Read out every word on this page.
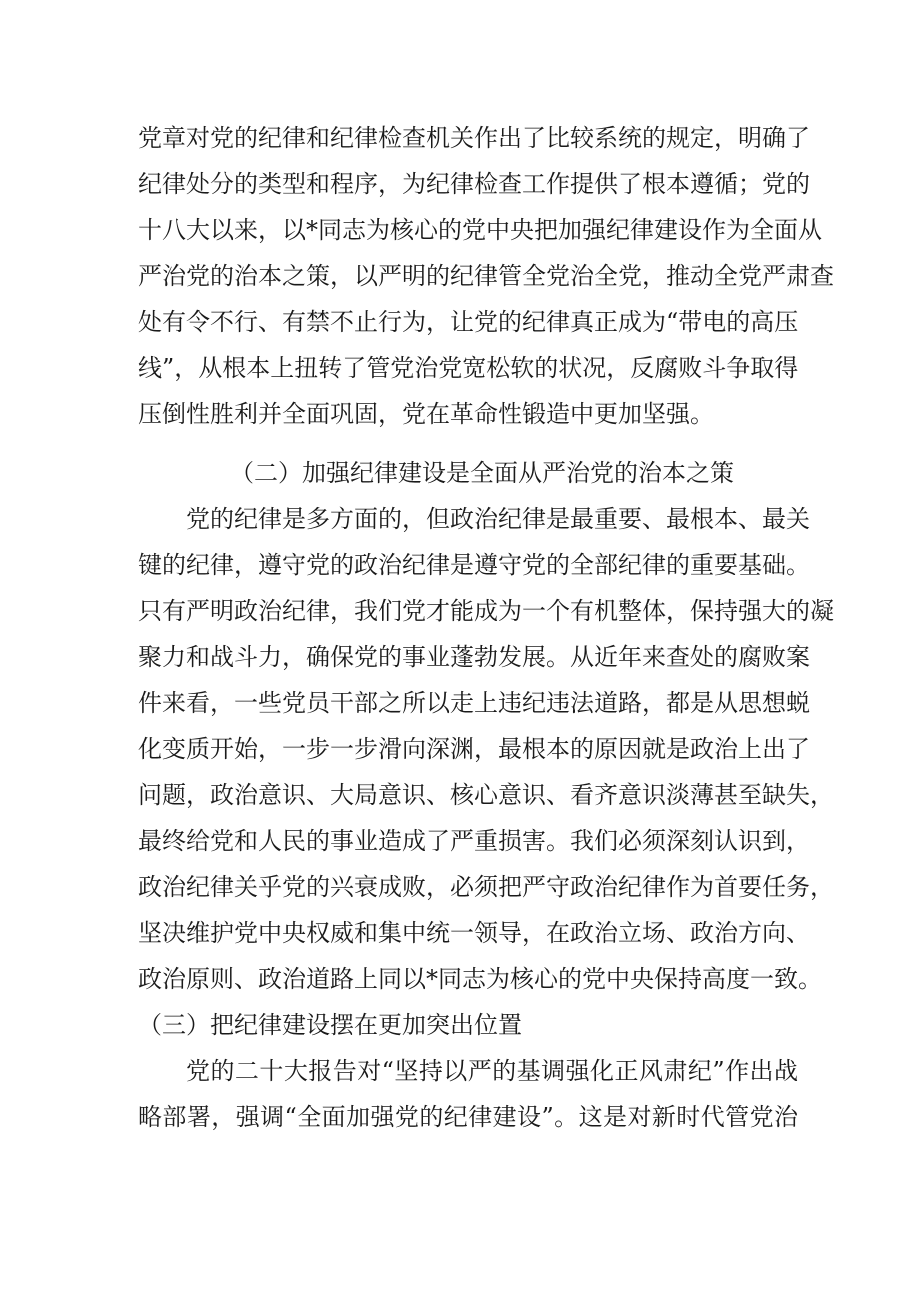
党章对党的纪律和纪律检查机关作出了比较系统的规定，明确了
纪律处分的类型和程序，为纪律检查工作提供了根本遵循；党的
十八大以来，以*同志为核心的党中央把加强纪律建设作为全面从
严治党的治本之策，以严明的纪律管全党治全党，推动全党严肃查
处有令不行、有禁不止行为，让党的纪律真正成为“带电的高压
线”，从根本上扭转了管党治党宽松软的状况，反腐败斗争取得
压倒性胜利并全面巩固，党在革命性锻造中更加坚强。
（二）加强纪律建设是全面从严治党的治本之策
党的纪律是多方面的，但政治纪律是最重要、最根本、最关
键的纪律，遵守党的政治纪律是遵守党的全部纪律的重要基础。
只有严明政治纪律，我们党才能成为一个有机整体，保持强大的凝
聚力和战斗力，确保党的事业蓬勃发展。从近年来查处的腐败案
件来看，一些党员干部之所以走上违纪违法道路，都是从思想蜕
化变质开始，一步一步滑向深渊，最根本的原因就是政治上出了
问题，政治意识、大局意识、核心意识、看齐意识淡薄甚至缺失，
最终给党和人民的事业造成了严重损害。我们必须深刻认识到，
政治纪律关乎党的兴衰成败，必须把严守政治纪律作为首要任务，
坚决维护党中央权威和集中统一领导，在政治立场、政治方向、
政治原则、政治道路上同以*同志为核心的党中央保持高度一致。
（三）把纪律建设摆在更加突出位置
党的二十大报告对“坚持以严的基调强化正风肃纪”作出战
略部署，强调“全面加强党的纪律建设”。这是对新时代管党治
